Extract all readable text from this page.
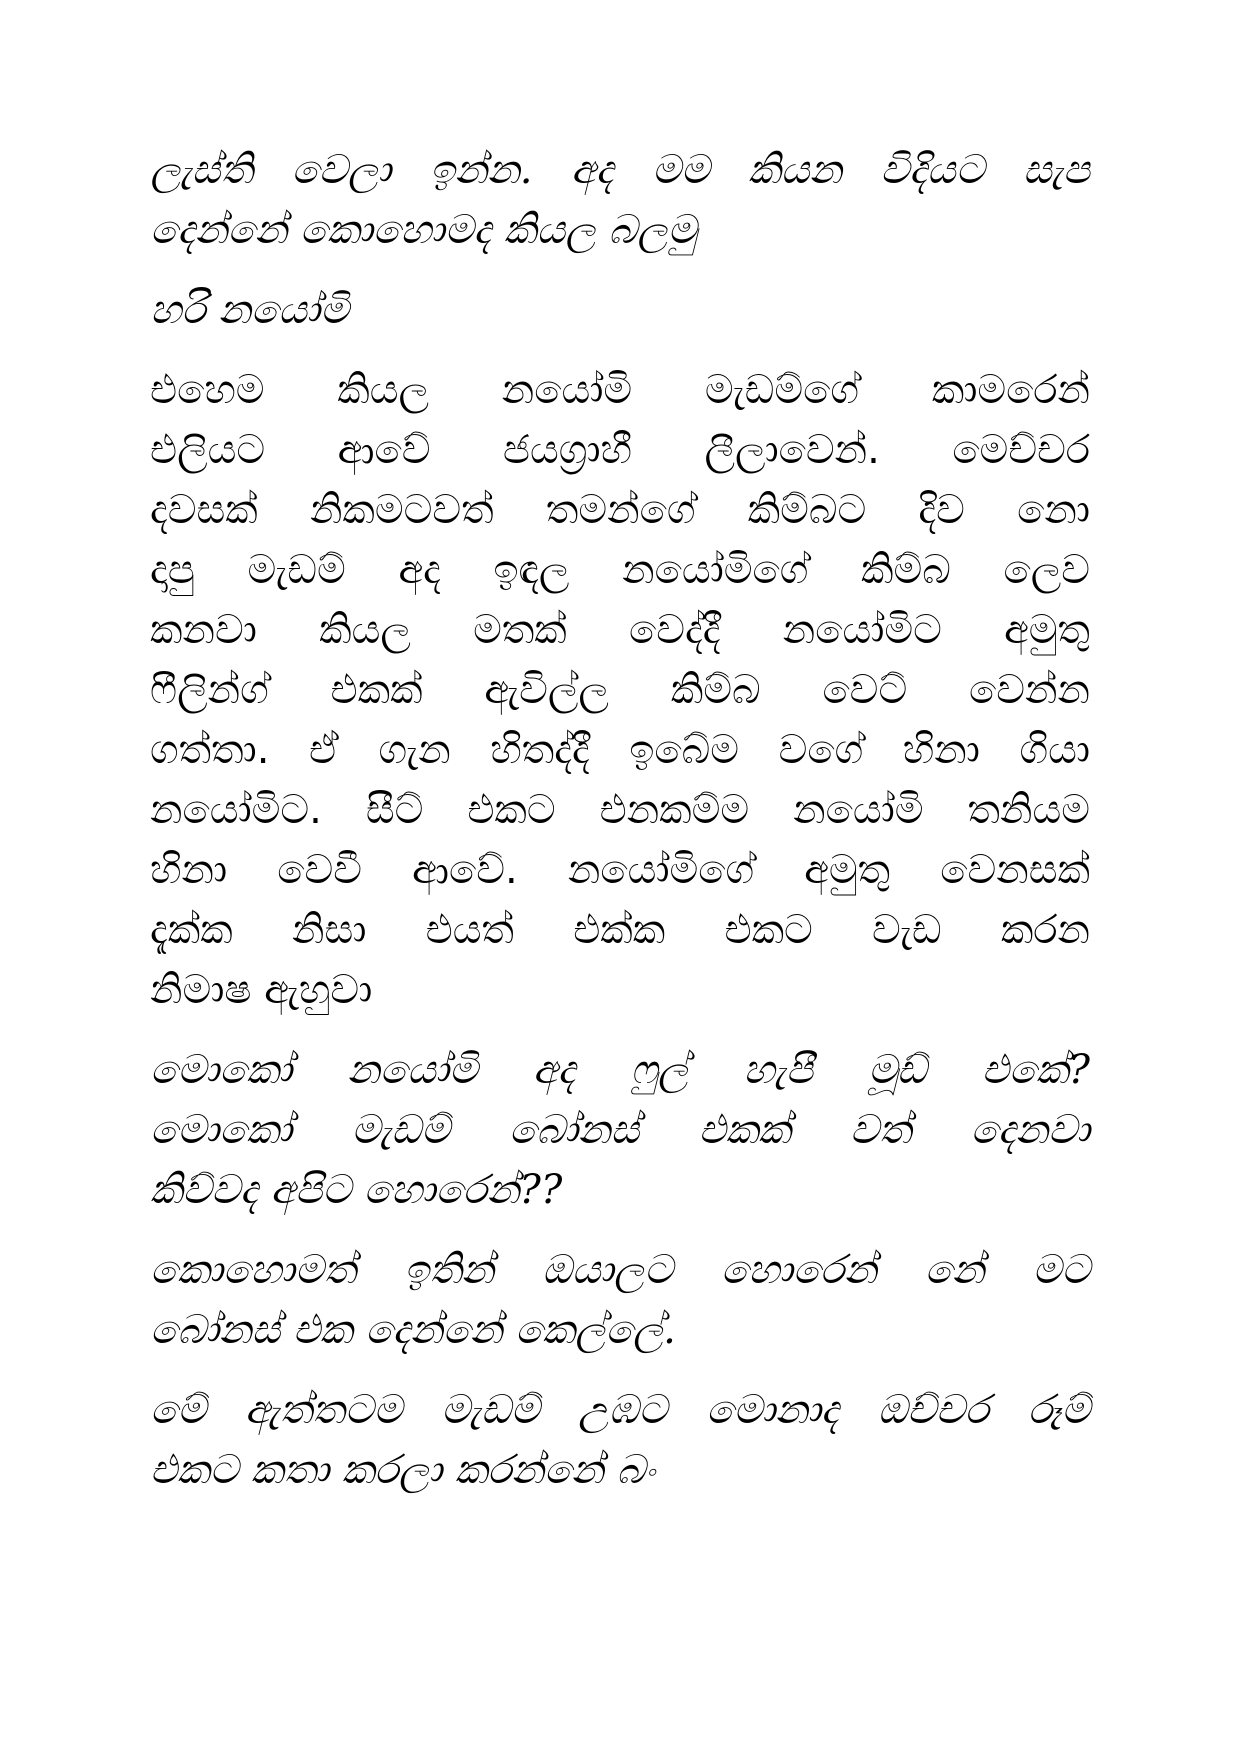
ලැස්ති වෙලා ඉන්න. අද මම කියන විදියට සැප
දෙන්නේ කොහොමද කියල බලමු
හරි නයෝමි
එහෙම කියල නයෝමි මැඩම්ගේ කාමරෙන්
එලියට ආවේ ජයග්‍රාහී ලීලාවෙන්. මෙච්චර
දවසක් නිකමටවත් තමන්ගේ කිම්බට දිව නො
දාපු මැඩම් අද ඉඳල නයෝමිගේ කිම්බ ලෙව
කනවා කියල මතක් වෙද්දී නයෝමිට අමුතු
ෆීලින්ග් එකක් ඇවිල්ල කිම්බ වෙට් වෙන්න
ගත්තා. ඒ ගැන හිතද්දී ඉබේම වගේ හිනා ගියා
නයෝමිට. සීට් එකට එනකම්ම නයෝමි තනියම
හිනා වෙවී ආවේ. නයෝමිගේ අමුතු වෙනසක්
දැක්ක නිසා එයත් එක්ක එකට වැඩ කරන
නිමාෂ ඇහුවා
මොකෝ නයෝමි අද ෆුල් හැපී මූඩ් එකේ?
මොකෝ මැඩම් බෝනස් එකක් වත් දෙනවා
කිව්වද අපිට හොරෙන්??
කොහොමත් ඉතින් ඔයාලට හොරෙන් නේ මට
බෝනස් එක දෙන්නේ කෙල්ලේ.
මේ ඇත්තටම මැඩම් උඹට මොනාද ඔච්චර රූම්
එකට කතා කරලා කරන්නේ බං
